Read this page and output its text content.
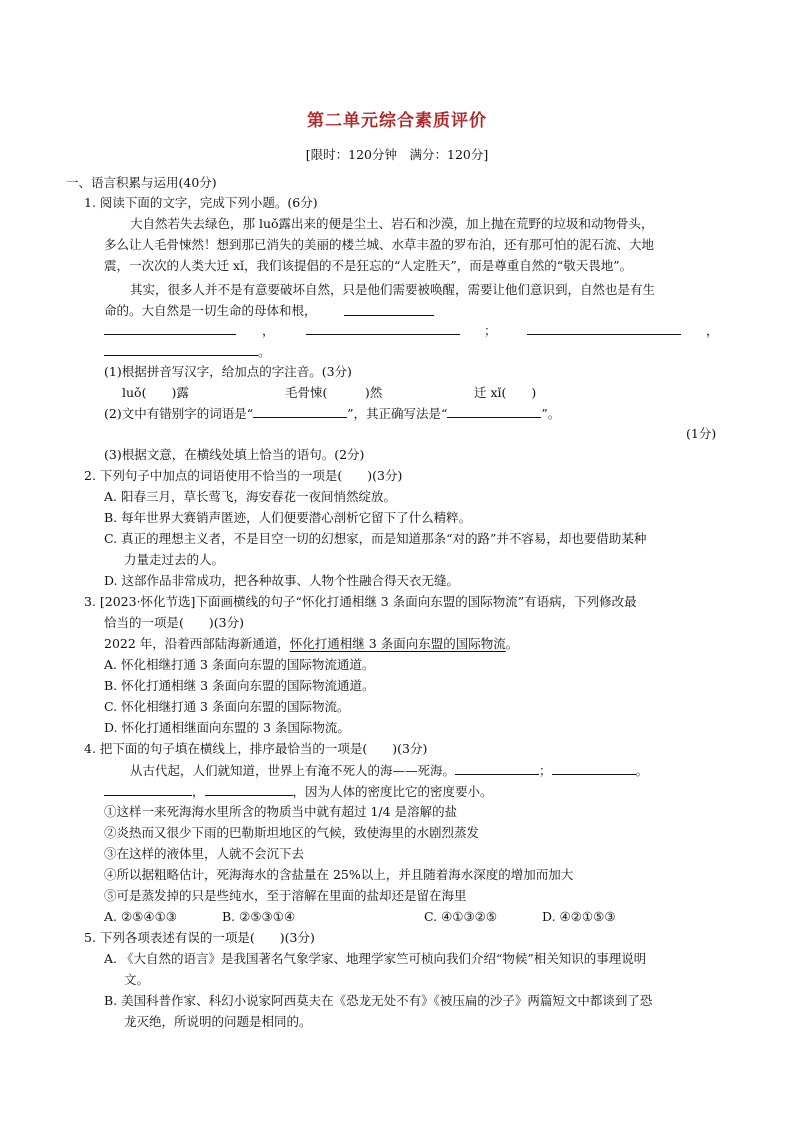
第二单元综合素质评价
[限时：120分钟　满分：120分]
一、语言积累与运用(40分)
1. 阅读下面的文字，完成下列小题。(6分)
大自然若失去绿色，那 luǒ露出来的便是尘土、岩石和沙漠，加上抛在荒野的垃圾和动物骨头，
多么让人毛骨悚然！想到那已消失的美丽的楼兰城、水草丰盈的罗布泊，还有那可怕的泥石流、大地
震，一次次的人类大迁 xǐ，我们该提倡的不是狂忘的“人定胜天”，而是尊重自然的“敬天畏地”。
其实，很多人并不是有意要破坏自然，只是他们需要被唤醒，需要让他们意识到，自然也是有生
命的。大自然是一切生命的母体和根，
，	；	，
。
(1)根据拼音写汉字，给加点的字注音。(3分)
luǒ(　　)露	毛骨悚(　　　)然	迁 xǐ(　　)
(2)文中有错别字的词语是“	”，其正确写法是“	”。
(1分)
(3)根据文意，在横线处填上恰当的语句。(2分)
2. 下列句子中加点的词语使用不恰当的一项是(　　)(3分)
A. 阳春三月，草长莺飞，海安春花一夜间悄然绽放。
B. 每年世界大赛销声匿迹，人们便要潜心剖析它留下了什么精粹。
C. 真正的理想主义者，不是目空一切的幻想家，而是知道那条“对的路”并不容易，却也要借助某种
力量走过去的人。
D. 这部作品非常成功，把各种故事、人物个性融合得天衣无缝。
3. [2023·怀化节选]下面画横线的句子“怀化打通相继 3 条面向东盟的国际物流”有语病，下列修改最
恰当的一项是(　　)(3分)
2022 年，沿着西部陆海新通道，怀化打通相继 3 条面向东盟的国际物流。
A. 怀化相继打通 3 条面向东盟的国际物流通道。
B. 怀化打通相继 3 条面向东盟的国际物流通道。
C. 怀化相继打通 3 条面向东盟的国际物流。
D. 怀化打通相继面向东盟的 3 条国际物流。
4. 把下面的句子填在横线上，排序最恰当的一项是(　　)(3分)
从古代起，人们就知道，世界上有淹不死人的海——死海。	；	。
，	，因为人体的密度比它的密度要小。
①这样一来死海海水里所含的物质当中就有超过 1/4 是溶解的盐
②炎热而又很少下雨的巴勒斯坦地区的气候，致使海里的水剧烈蒸发
③在这样的液体里，人就不会沉下去
④所以据粗略估计，死海海水的含盐量在 25%以上，并且随着海水深度的增加而加大
⑤可是蒸发掉的只是些纯水，至于溶解在里面的盐却还是留在海里
A. ②⑤④①③	B. ②⑤③①④	C. ④①③②⑤	D. ④②①⑤③
5. 下列各项表述有误的一项是(　　)(3分)
A. 《大自然的语言》是我国著名气象学家、地理学家竺可桢向我们介绍“物候”相关知识的事理说明
文。
B. 美国科普作家、科幻小说家阿西莫夫在《恐龙无处不有》《被压扁的沙子》两篇短文中都谈到了恐
龙灭绝，所说明的问题是相同的。
